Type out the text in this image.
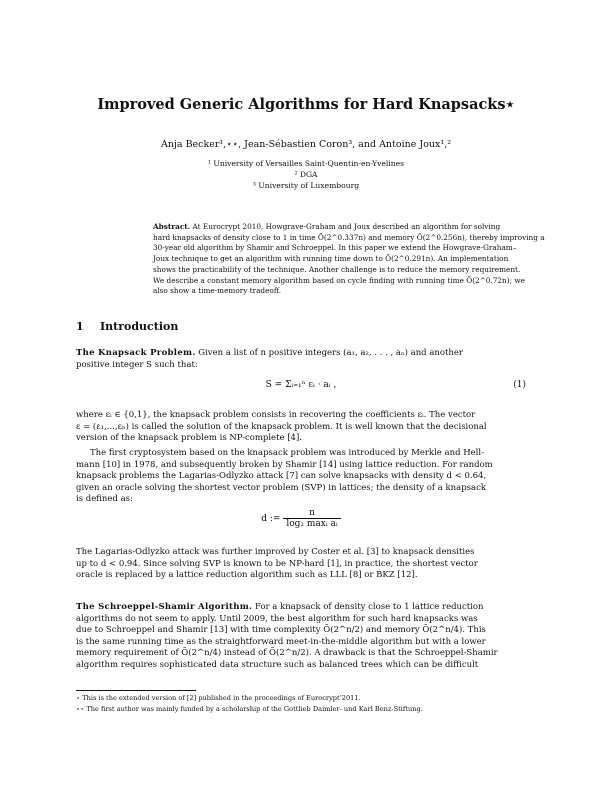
Improved Generic Algorithms for Hard Knapsacks⋆
Anja Becker¹,⋆⋆, Jean-Sébastien Coron³, and Antoine Joux¹,²
¹ University of Versailles Saint-Quentin-en-Yvelines
² DGA
³ University of Luxembourg
Abstract. At Eurocrypt 2010, Howgrave-Graham and Joux described an algorithm for solving
hard knapsacks of density close to 1 in time Õ(2^0.337n) and memory Õ(2^0.256n), thereby improving a
30-year old algorithm by Shamir and Schroeppel. In this paper we extend the Howgrave-Graham–
Joux technique to get an algorithm with running time down to Õ(2^0.291n). An implementation
shows the practicability of the technique. Another challenge is to reduce the memory requirement.
We describe a constant memory algorithm based on cycle finding with running time Õ(2^0.72n); we
also show a time-memory tradeoff.
1 Introduction
The Knapsack Problem. Given a list of n positive integers (a₁, a₂, . . . , aₙ) and another
positive integer S such that:
S = Σᵢ₌₁ⁿ εᵢ · aᵢ ,	(1)
where εᵢ ∈ {0,1}, the knapsack problem consists in recovering the coefficients εᵢ. The vector
ε = (ε₁,...,εₙ) is called the solution of the knapsack problem. It is well known that the decisional
version of the knapsack problem is NP-complete [4].
The first cryptosystem based on the knapsack problem was introduced by Merkle and Hell-
mann [10] in 1978, and subsequently broken by Shamir [14] using lattice reduction. For random
knapsack problems the Lagarias-Odlyzko attack [7] can solve knapsacks with density d < 0.64,
given an oracle solving the shortest vector problem (SVP) in lattices; the density of a knapsack
is defined as:
d := $\frac{n}{\text{log₂ maxᵢ aᵢ}}$
The Lagarias-Odlyzko attack was further improved by Coster et al. [3] to knapsack densities
up to d < 0.94. Since solving SVP is known to be NP-hard [1], in practice, the shortest vector
oracle is replaced by a lattice reduction algorithm such as LLL [8] or BKZ [12].
The Schroeppel-Shamir Algorithm. For a knapsack of density close to 1 lattice reduction
algorithms do not seem to apply. Until 2009, the best algorithm for such hard knapsacks was
due to Schroeppel and Shamir [13] with time complexity Õ(2^n/2) and memory Õ(2^n/4). This
is the same running time as the straightforward meet-in-the-middle algorithm but with a lower
memory requirement of Õ(2^n/4) instead of Õ(2^n/2). A drawback is that the Schroeppel-Shamir
algorithm requires sophisticated data structure such as balanced trees which can be difficult
⋆ This is the extended version of [2] published in the proceedings of Eurocrypt’2011.
⋆⋆ The first author was mainly funded by a scholarship of the Gottlieb Daimler- und Karl Benz-Stiftung.
